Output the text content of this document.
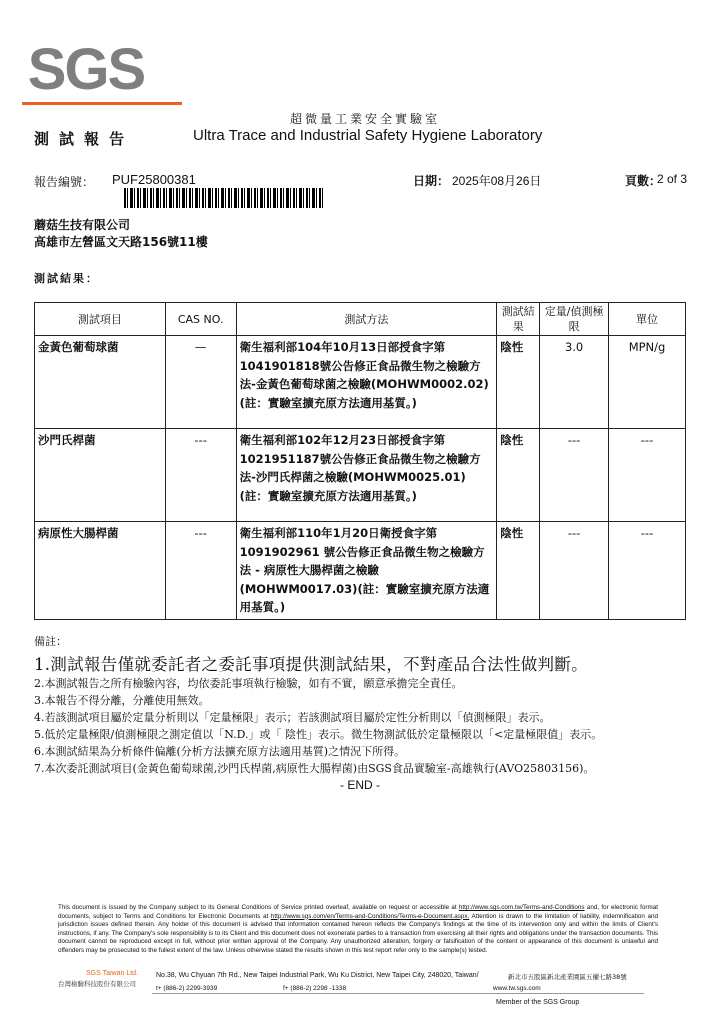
SGS
超微量工業安全實驗室
測試報告	Ultra Trace and Industrial Safety Hygiene Laboratory
報告編號： PUF25800381	日期： 2025年08月26日	頁數：
2 of 3
蘑菇生技有限公司
高雄市左營區文天路156號11樓
測試結果：
測試項目	CAS NO.	測試方法	測試結果	定量/偵測極限	單位
金黃色葡萄球菌	—	衛生福利部104年10月13日部授食字第1041901818號公告修正食品微生物之檢驗方法-金黃色葡萄球菌之檢驗(MOHWM0002.02)(註：實驗室擴充原方法適用基質。)	陰性	3.0	MPN/g
沙門氏桿菌	---	衛生福利部102年12月23日部授食字第1021951187號公告修正食品微生物之檢驗方法-沙門氏桿菌之檢驗(MOHWM0025.01)(註：實驗室擴充原方法適用基質。)	陰性	---	---
病原性大腸桿菌	---	衛生福利部110年1月20日衛授食字第1091902961 號公告修正食品微生物之檢驗方法 - 病原性大腸桿菌之檢驗(MOHWM0017.03)(註：實驗室擴充原方法適用基質。)	陰性	---	---
備註：
1.測試報告僅就委託者之委託事項提供測試結果，不對產品合法性做判斷。
2.本測試報告之所有檢驗內容，均依委託事項執行檢驗，如有不實，願意承擔完全責任。
3.本報告不得分離，分離使用無效。
4.若該測試項目屬於定量分析則以「定量極限」表示；若該測試項目屬於定性分析則以「偵測極限」表示。
5.低於定量極限/偵測極限之測定值以「N.D.」或「 陰性」表示。微生物測試低於定量極限以「<定量極限值」表示。
6.本測試結果為分析條件偏離(分析方法擴充原方法適用基質)之情況下所得。
7.本次委託測試項目(金黃色葡萄球菌,沙門氏桿菌,病原性大腸桿菌)由SGS食品實驗室-高雄執行(AVO25803156)。
- END -
This document is issued by the Company subject to its General Conditions of Service printed overleaf, available on request or accessible at http://www.sgs.com.tw/Terms-and-Conditions and, for electronic format documents, subject to Terms and Conditions for Electronic Documents at http://www.sgs.com/en/Terms-and-Conditions/Terms-e-Document.aspx. Attention is drawn to the limitation of liability, indemnification and jurisdiction issues defined therein. Any holder of this document is advised that information contained hereon reflects the Company's findings at the time of its intervention only and within the limits of Client's instructions, if any. The Company's sole responsibility is to its Client and this document does not exonerate parties to a transaction from exercising all their rights and obligations under the transaction documents. This document cannot be reproduced except in full, without prior written approval of the Company. Any unauthorized alteration, forgery or falsification of the content or appearance of this document is unlawful and offenders may be prosecuted to the fullest extent of the law. Unless otherwise stated the results shown in this test report refer only to the sample(s) tested.
SGS Taiwan Ltd.
台灣檢驗科技股份有限公司
No.38, Wu Chyuan 7th Rd., New Taipei Industrial Park, Wu Ku District, New Taipei City, 248020, Taiwan/	新北市五股區新北產業園區五權七路38號
t+ (886-2) 2299-3939	f+ (886-2) 2298 -1338	www.tw.sgs.com
Member of the SGS Group
